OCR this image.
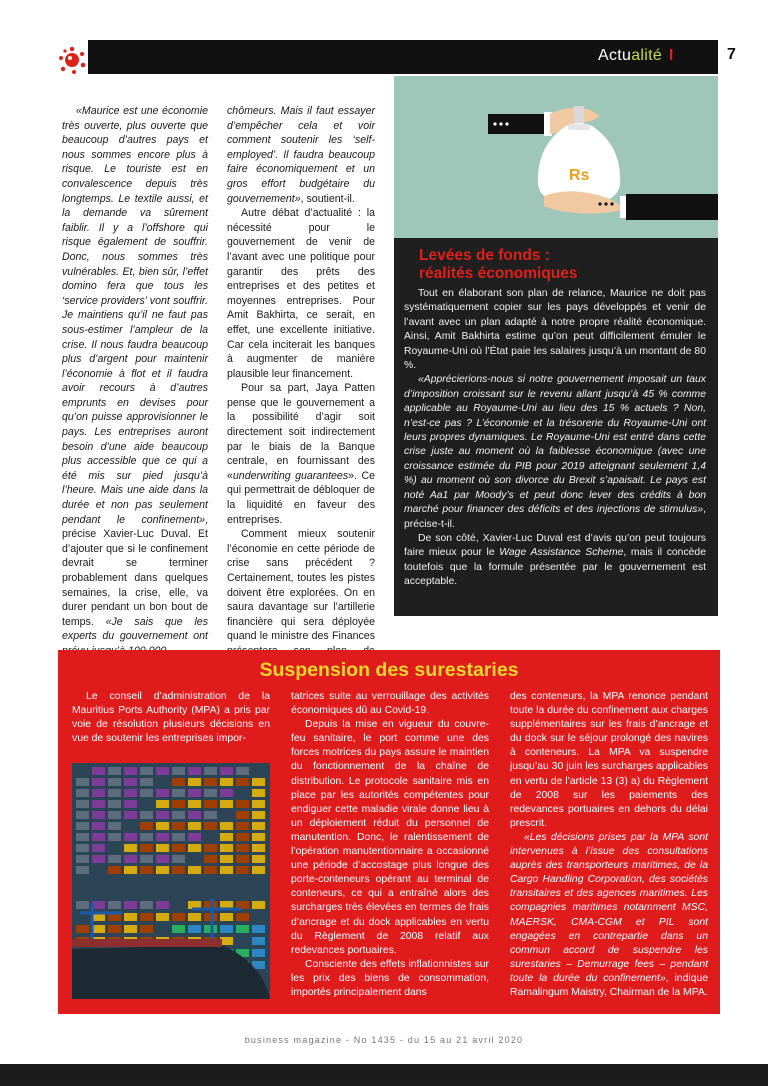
Actualité I	7

«Maurice est une économie très ouverte, plus ouverte que beaucoup d’autres pays et nous sommes encore plus à risque. Le touriste est en convalescence depuis très longtemps. Le textile aussi, et la demande va sûrement faiblir. Il y a l’offshore qui risque également de souffrir. Donc, nous sommes très vulnérables. Et, bien sûr, l’effet domino fera que tous les ‘service providers’ vont souffrir. Je maintiens qu’il ne faut pas sous-estimer l’ampleur de la crise. Il nous faudra beaucoup plus d’argent pour maintenir l’économie à flot et il faudra avoir recours à d’autres emprunts en devises pour qu’on puisse approvisionner le pays. Les entreprises auront besoin d’une aide beaucoup plus accessible que ce qui a été mis sur pied jusqu’à l’heure. Mais une aide dans la durée et non pas seulement pendant le confinement», précise Xavier-Luc Duval. Et d’ajouter que si le confinement devrait se terminer probablement dans quelques semaines, la crise, elle, va durer pendant un bon bout de temps. «Je sais que les experts du gouvernement ont

chômeurs. Mais il faut essayer d’empêcher cela et voir comment soutenir les ‘self-employed’. Il faudra beaucoup faire économiquement et un gros effort budgétaire du gouvernement», soutient-il.

Autre débat d’actualité : la nécessité pour le gouvernement de venir de l’avant avec une politique pour garantir des prêts des entreprises et des petites et moyennes entreprises. Pour Amit Bakhirta, ce serait, en effet, une excellente initiative. Car cela inciterait les banques à augmenter de manière plausible leur financement.

Pour sa part, Jaya Patten pense que le gouvernement a la possibilité d’agir soit directement soit indirectement par le biais de la Banque centrale, en fournissant des «underwriting guarantees». Ce qui permettrait de débloquer de la liquidité en faveur des entreprises.

Comment mieux soutenir l’économie en cette période de crise sans précédent ? Certainement, toutes les pistes doivent être explorées. On en saura davantage sur l’artillerie financière qui sera déployée quand le ministre des Finances

Rs
Levées de fonds :
réalités économiques

Tout en élaborant son plan de relance, Maurice ne doit pas systématiquement copier sur les pays développés et venir de l’avant avec un plan adapté à notre propre réalité économique. Ainsi, Amit Bakhirta estime qu’on peut difficilement émuler le Royaume-Uni où l’État paie les salaires jusqu’à un montant de 80 %.

«Apprécierions-nous si notre gouvernement imposait un taux d’imposition croissant sur le revenu allant jusqu’à 45 % comme applicable au Royaume-Uni au lieu des 15 % actuels ? Non, n’est-ce pas ? L’économie et la trésorerie du Royaume-Uni ont leurs propres dynamiques. Le Royaume-Uni est entré dans cette crise juste au moment où la faiblesse économique (avec une croissance estimée du PIB pour 2019 atteignant seulement 1,4 %) au moment où son divorce du Brexit s’apaisait. Le pays est noté Aa1 par Moody’s et peut donc lever des crédits à bon marché pour financer des déficits et des injections de stimulus», précise-t-il.

De son côté, Xavier-Luc Duval est d’avis qu’on peut toujours faire mieux pour le Wage Assistance Scheme, mais il concède toutefois que la formule présentée par le gouvernement est acceptable.

Suspension des surestaries

Le conseil d’administration de la Mauritius Ports Authority (MPA) a pris par voie de résolution plusieurs décisions en vue de soutenir les entreprises impor-

tatrices suite au verrouillage des activités économiques dû au Covid-19.

Depuis la mise en vigueur du couvre-feu sanitaire, le port comme une des forces motrices du pays assure le maintien du fonctionnement de la chaîne de distribution. Le protocole sanitaire mis en place par les autorités compétentes pour endiguer cette maladie virale donne lieu à un déploiement réduit du personnel de manutention. Donc, le ralentissement de l’opération manutentionnaire a occasionné une période d’accostage plus longue des porte-conteneurs opérant au terminal de conteneurs, ce qui a entraîné alors des surcharges très élevées en termes de frais d’ancrage et du dock applicables en vertu du Règlement de 2008 relatif aux redevances portuaires.

Consciente des effets inflationnistes sur les prix des biens de consommation, importés principalement dans

des conteneurs, la MPA renonce pendant toute la durée du confinement aux charges supplémentaires sur les frais d’ancrage et du dock sur le séjour prolongé des navires à conteneurs. La MPA va suspendre jusqu’au 30 juin les surcharges applicables en vertu de l’article 13 (3) a) du Règlement de 2008 sur les paiements des redevances portuaires en dehors du délai prescrit.

«Les décisions prises par la MPA sont intervenues à l’issue des consultations auprès des transporteurs maritimes, de la Cargo Handling Corporation, des sociétés transitaires et des agences maritimes. Les compagnies maritimes notamment MSC, MAERSK, CMA-CGM et PIL sont engagées en contrepartie dans un commun accord de suspendre les surestaries – Demurrage fees – pendant toute la durée du confinement», indique Ramalingum Maistry, Chairman de la MPA.

business magazine - No 1435 - du 15 au 21 avril 2020
